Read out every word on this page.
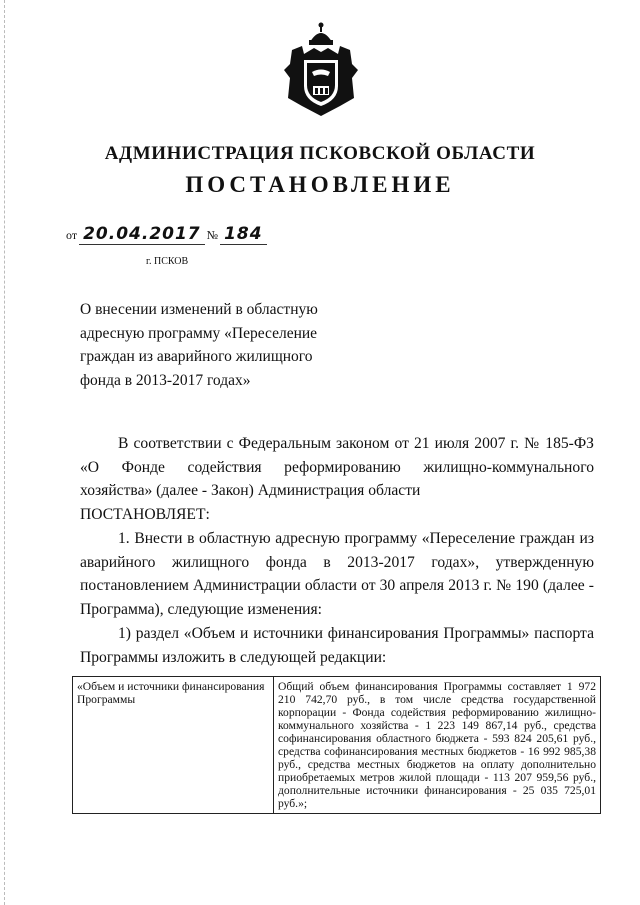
АДМИНИСТРАЦИЯ ПСКОВСКОЙ ОБЛАСТИ
ПОСТАНОВЛЕНИЕ
от 20.04.2017 № 184
г. ПСКОВ

О внесении изменений в областную

адресную программу «Переселение

граждан из аварийного жилищного

фонда в 2013-2017 годах»

В соответствии с Федеральным законом от 21 июля 2007 г. № 185-ФЗ «О Фонде содействия реформированию жилищно-коммунального хозяйства» (далее - Закон) Администрация области

ПОСТАНОВЛЯЕТ:

1. Внести в областную адресную программу «Переселение граждан из аварийного жилищного фонда в 2013-2017 годах», утвержденную постановлением Администрации области от 30 апреля 2013 г. № 190 (далее - Программа), следующие изменения:

1) раздел «Объем и источники финансирования Программы» паспорта Программы изложить в следующей редакции:

«Объем и источники финансирования Программы	Общий объем финансирования Программы составляет 1 972 210 742,70 руб., в том числе средства государственной корпорации - Фонда содействия реформированию жилищно-коммунального хозяйства - 1 223 149 867,14 руб., средства софинансирования областного бюджета - 593 824 205,61 руб., средства софинансирования местных бюджетов - 16 992 985,38 руб., средства местных бюджетов на оплату дополнительно приобретаемых метров жилой площади - 113 207 959,56 руб., дополнительные источники финансирования - 25 035 725,01 руб.»;
